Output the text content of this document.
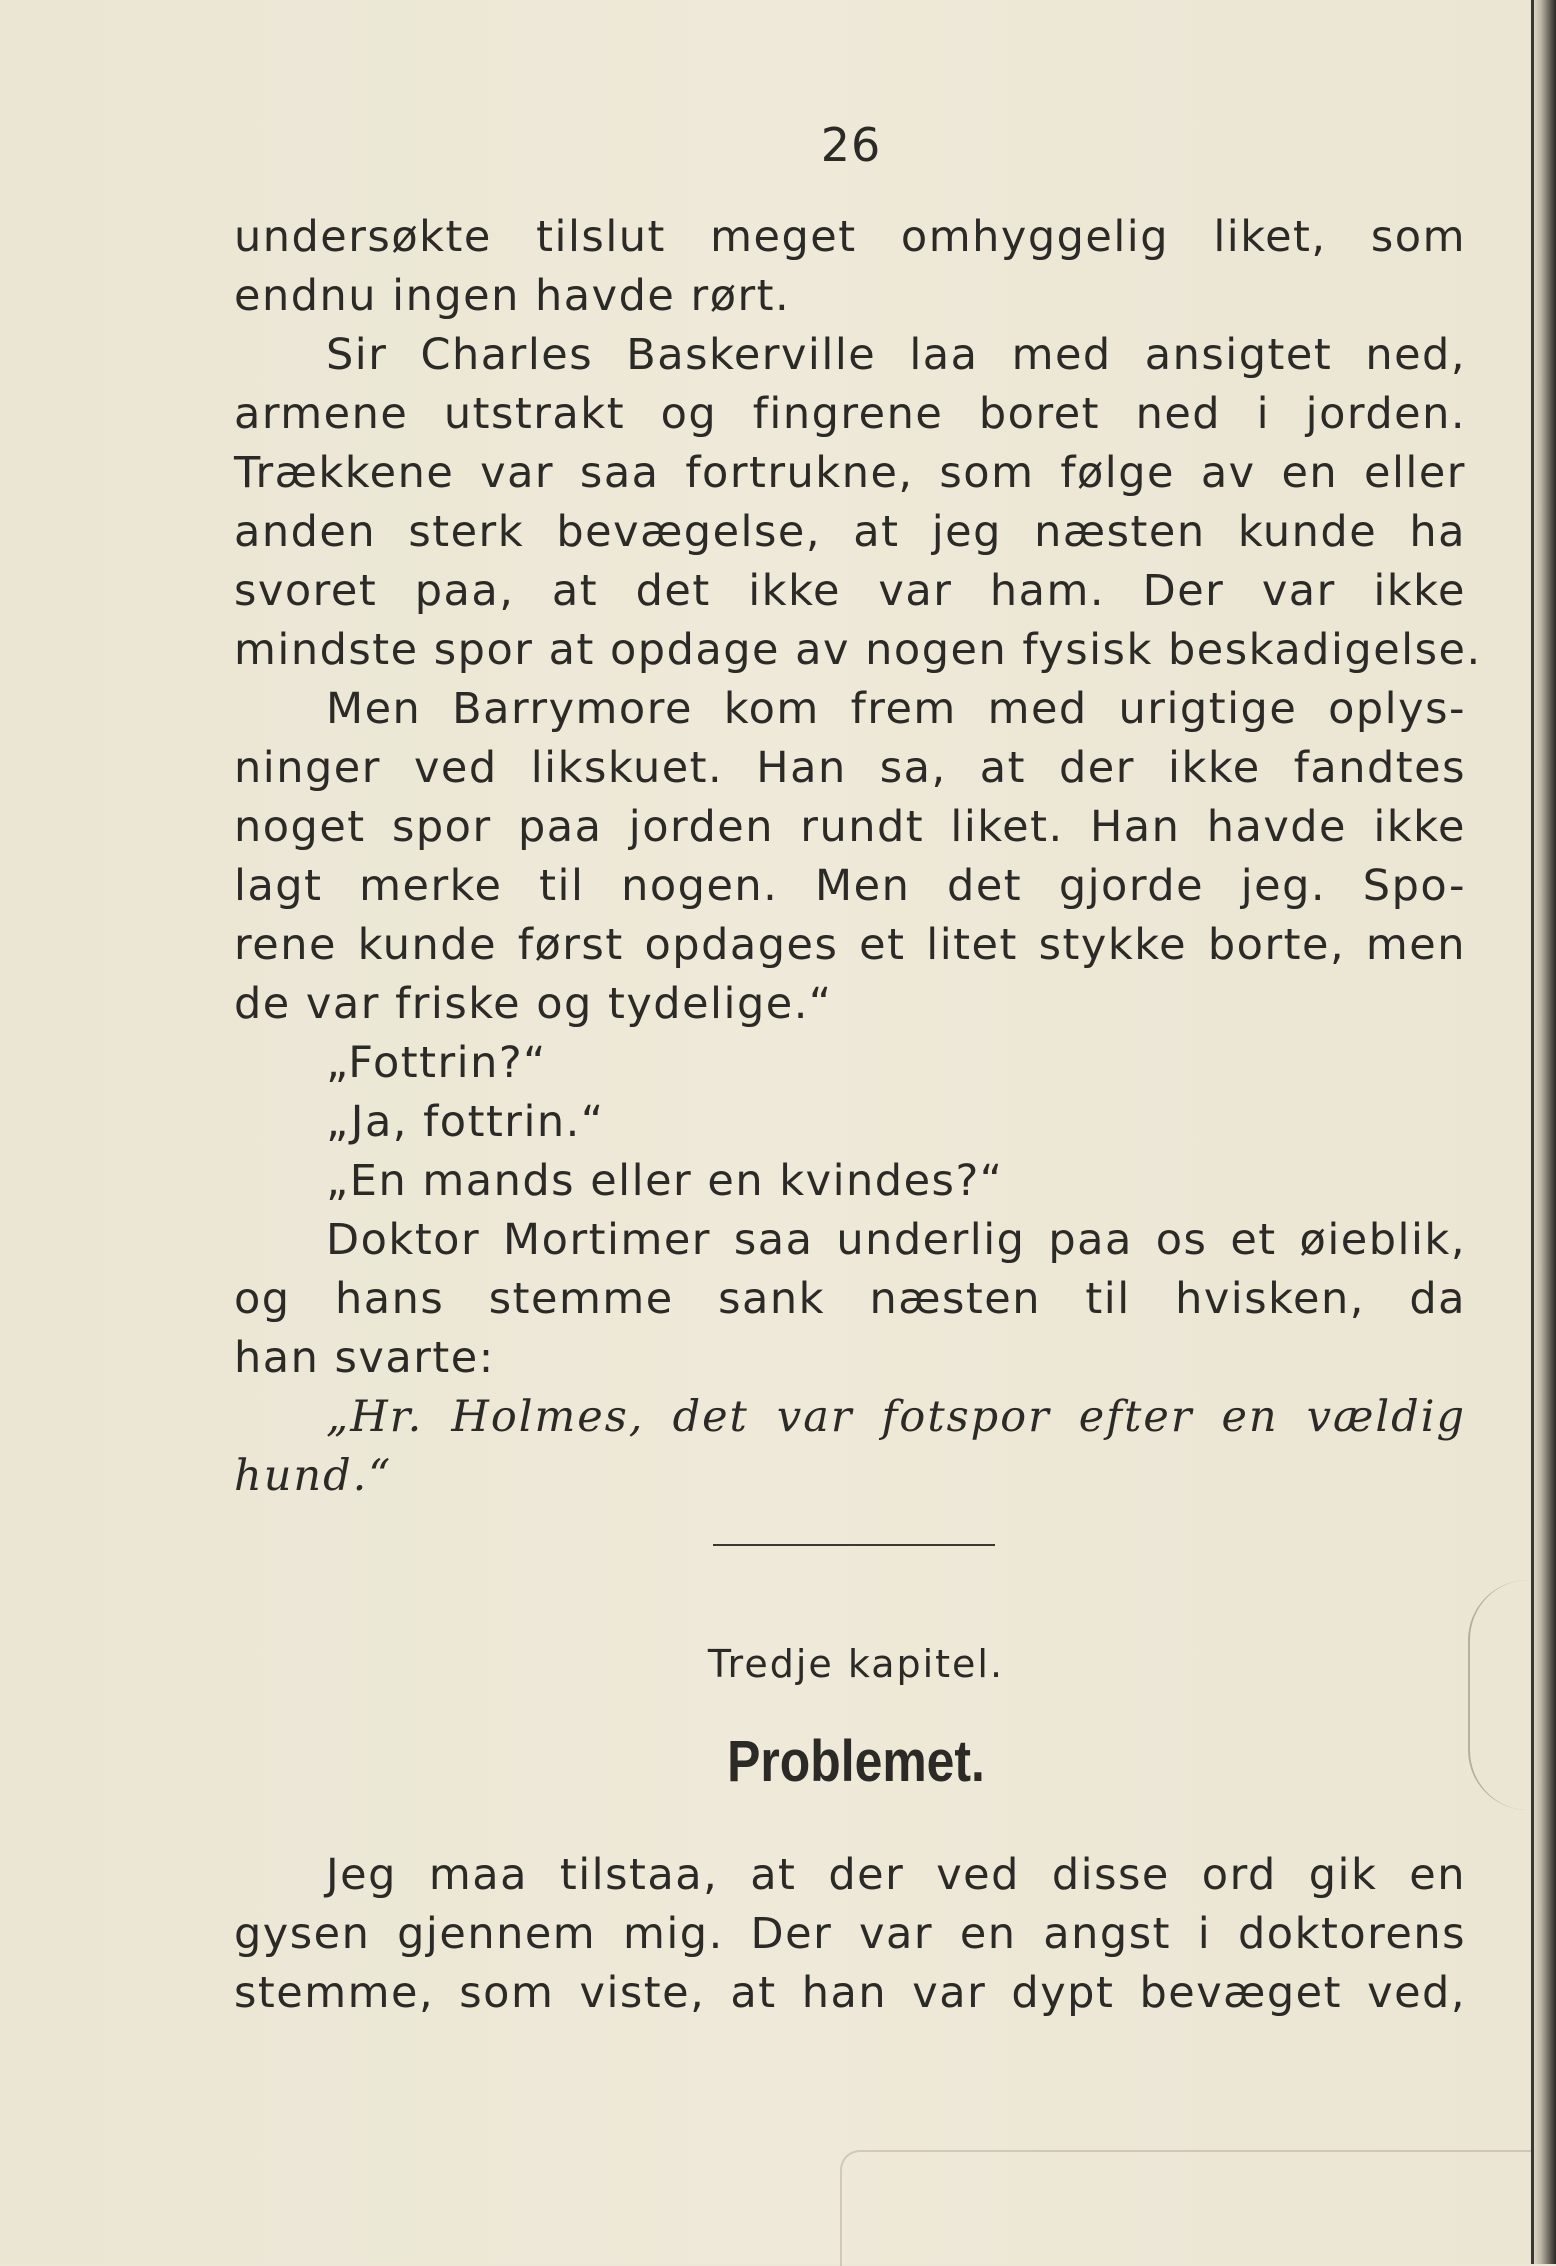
26
undersøkte tilslut meget omhyggelig liket, som
endnu ingen havde rørt.
Sir Charles Baskerville laa med ansigtet ned,
armene utstrakt og fingrene boret ned i jorden.
Trækkene var saa fortrukne, som følge av en eller
anden sterk bevægelse, at jeg næsten kunde ha
svoret paa, at det ikke var ham. Der var ikke
mindste spor at opdage av nogen fysisk beskadigelse.
Men Barrymore kom frem med urigtige oplys-
ninger ved likskuet. Han sa, at der ikke fandtes
noget spor paa jorden rundt liket. Han havde ikke
lagt merke til nogen. Men det gjorde jeg. Spo-
rene kunde først opdages et litet stykke borte, men
de var friske og tydelige.“
„Fottrin?“
„Ja, fottrin.“
„En mands eller en kvindes?“
Doktor Mortimer saa underlig paa os et øieblik,
og hans stemme sank næsten til hvisken, da
han svarte:
„Hr. Holmes, det var fotspor efter en vældig
hund.“
Tredje kapitel.
Problemet.
Jeg maa tilstaa, at der ved disse ord gik en
gysen gjennem mig. Der var en angst i doktorens
stemme, som viste, at han var dypt bevæget ved,
